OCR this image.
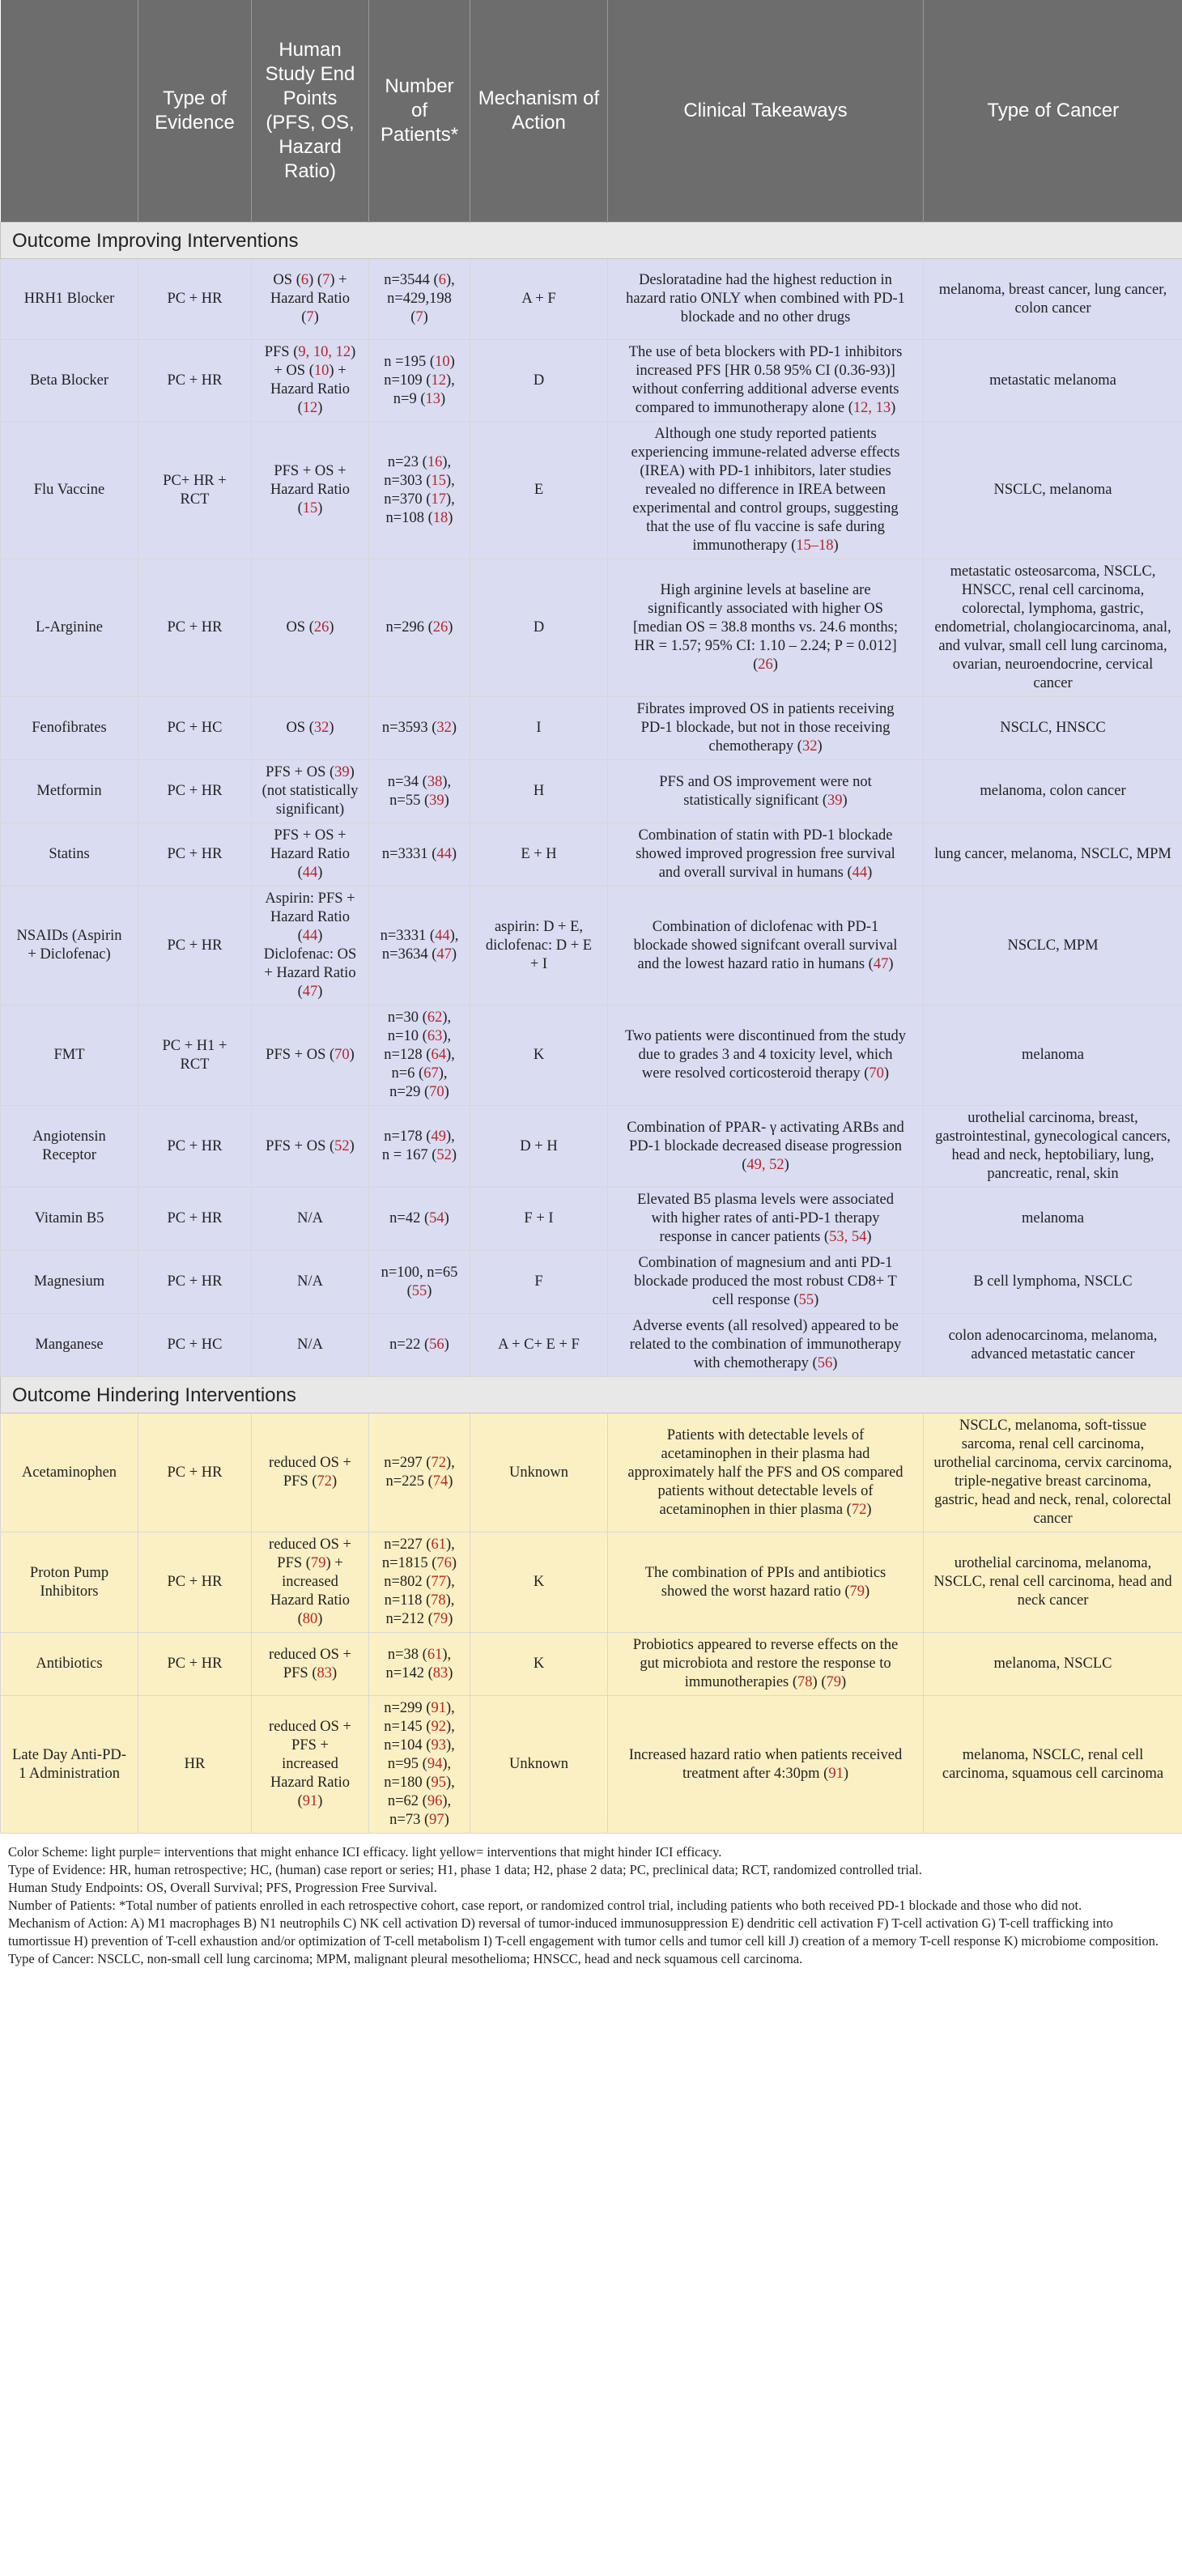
	Type of Evidence	Human Study End Points (PFS, OS, Hazard Ratio)	Number of Patients*	Mechanism of Action	Clinical Takeaways	Type of Cancer
Outcome Improving Interventions						
HRH1 Blocker	PC + HR	OS (6) (7) + Hazard Ratio (7)	n=3544 (6), n=429,198 (7)	A + F	Desloratadine had the highest reduction in hazard ratio ONLY when combined with PD-1 blockade and no other drugs	melanoma, breast cancer, lung cancer, colon cancer
Beta Blocker	PC + HR	PFS (9, 10, 12) + OS (10) + Hazard Ratio (12)	n =195 (10) n=109 (12), n=9 (13)	D	The use of beta blockers with PD-1 inhibitors increased PFS [HR 0.58 95% CI (0.36-93)] without conferring additional adverse events compared to immunotherapy alone (12, 13)	metastatic melanoma
Flu Vaccine	PC+ HR + RCT	PFS + OS + Hazard Ratio (15)	n=23 (16), n=303 (15), n=370 (17), n=108 (18)	E	Although one study reported patients experiencing immune-related adverse effects (IREA) with PD-1 inhibitors, later studies revealed no difference in IREA between experimental and control groups, suggesting that the use of flu vaccine is safe during immunotherapy (15–18)	NSCLC, melanoma
L-Arginine	PC + HR	OS (26)	n=296 (26)	D	High arginine levels at baseline are significantly associated with higher OS [median OS = 38.8 months vs. 24.6 months; HR = 1.57; 95% CI: 1.10 – 2.24; P = 0.012] (26)	metastatic osteosarcoma, NSCLC, HNSCC, renal cell carcinoma, colorectal, lymphoma, gastric, endometrial, cholangiocarcinoma, anal, and vulvar, small cell lung carcinoma, ovarian, neuroendocrine, cervical cancer
Fenofibrates	PC + HC	OS (32)	n=3593 (32)	I	Fibrates improved OS in patients receiving PD-1 blockade, but not in those receiving chemotherapy (32)	NSCLC, HNSCC
Metformin	PC + HR	PFS + OS (39) (not statistically significant)	n=34 (38), n=55 (39)	H	PFS and OS improvement were not statistically significant (39)	melanoma, colon cancer
Statins	PC + HR	PFS + OS + Hazard Ratio (44)	n=3331 (44)	E + H	Combination of statin with PD-1 blockade showed improved progression free survival and overall survival in humans (44)	lung cancer, melanoma, NSCLC, MPM
NSAIDs (Aspirin + Diclofenac)	PC + HR	Aspirin: PFS + Hazard Ratio (44) Diclofenac: OS + Hazard Ratio (47)	n=3331 (44), n=3634 (47)	aspirin: D + E, diclofenac: D + E + I	Combination of diclofenac with PD-1 blockade showed signifcant overall survival and the lowest hazard ratio in humans (47)	NSCLC, MPM
FMT	PC + H1 + RCT	PFS + OS (70)	n=30 (62), n=10 (63), n=128 (64), n=6 (67), n=29 (70)	K	Two patients were discontinued from the study due to grades 3 and 4 toxicity level, which were resolved corticosteroid therapy (70)	melanoma
Angiotensin Receptor	PC + HR	PFS + OS (52)	n=178 (49), n = 167 (52)	D + H	Combination of PPAR- γ activating ARBs and PD-1 blockade decreased disease progression (49, 52)	urothelial carcinoma, breast, gastrointestinal, gynecological cancers, head and neck, heptobiliary, lung, pancreatic, renal, skin
Vitamin B5	PC + HR	N/A	n=42 (54)	F + I	Elevated B5 plasma levels were associated with higher rates of anti-PD-1 therapy response in cancer patients (53, 54)	melanoma
Magnesium	PC + HR	N/A	n=100, n=65 (55)	F	Combination of magnesium and anti PD-1 blockade produced the most robust CD8+ T cell response (55)	B cell lymphoma, NSCLC
Manganese	PC + HC	N/A	n=22 (56)	A + C+ E + F	Adverse events (all resolved) appeared to be related to the combination of immunotherapy with chemotherapy (56)	colon adenocarcinoma, melanoma, advanced metastatic cancer
Outcome Hindering Interventions						
Acetaminophen	PC + HR	reduced OS + PFS (72)	n=297 (72), n=225 (74)	Unknown	Patients with detectable levels of acetaminophen in their plasma had approximately half the PFS and OS compared patients without detectable levels of acetaminophen in thier plasma (72)	NSCLC, melanoma, soft-tissue sarcoma, renal cell carcinoma, urothelial carcinoma, cervix carcinoma, triple-negative breast carcinoma, gastric, head and neck, renal, colorectal cancer
Proton Pump Inhibitors	PC + HR	reduced OS + PFS (79) + increased Hazard Ratio (80)	n=227 (61), n=1815 (76) n=802 (77), n=118 (78), n=212 (79)	K	The combination of PPIs and antibiotics showed the worst hazard ratio (79)	urothelial carcinoma, melanoma, NSCLC, renal cell carcinoma, head and neck cancer
Antibiotics	PC + HR	reduced OS + PFS (83)	n=38 (61), n=142 (83)	K	Probiotics appeared to reverse effects on the gut microbiota and restore the response to immunotherapies (78) (79)	melanoma, NSCLC
Late Day Anti-PD-1 Administration	HR	reduced OS + PFS + increased Hazard Ratio (91)	n=299 (91), n=145 (92), n=104 (93), n=95 (94), n=180 (95), n=62 (96), n=73 (97)	Unknown	Increased hazard ratio when patients received treatment after 4:30pm (91)	melanoma, NSCLC, renal cell carcinoma, squamous cell carcinoma
Color Scheme: light purple= interventions that might enhance ICI efficacy. light yellow= interventions that might hinder ICI efficacy.
Type of Evidence: HR, human retrospective; HC, (human) case report or series; H1, phase 1 data; H2, phase 2 data; PC, preclinical data; RCT, randomized controlled trial.
Human Study Endpoints: OS, Overall Survival; PFS, Progression Free Survival.
Number of Patients: *Total number of patients enrolled in each retrospective cohort, case report, or randomized control trial, including patients who both received PD-1 blockade and those who did not.
Mechanism of Action: A) M1 macrophages B) N1 neutrophils C) NK cell activation D) reversal of tumor-induced immunosuppression E) dendritic cell activation F) T-cell activation G) T-cell trafficking into tumortissue H) prevention of T-cell exhaustion and/or optimization of T-cell metabolism I) T-cell engagement with tumor cells and tumor cell kill J) creation of a memory T-cell response K) microbiome composition.
Type of Cancer: NSCLC, non-small cell lung carcinoma; MPM, malignant pleural mesothelioma; HNSCC, head and neck squamous cell carcinoma.
